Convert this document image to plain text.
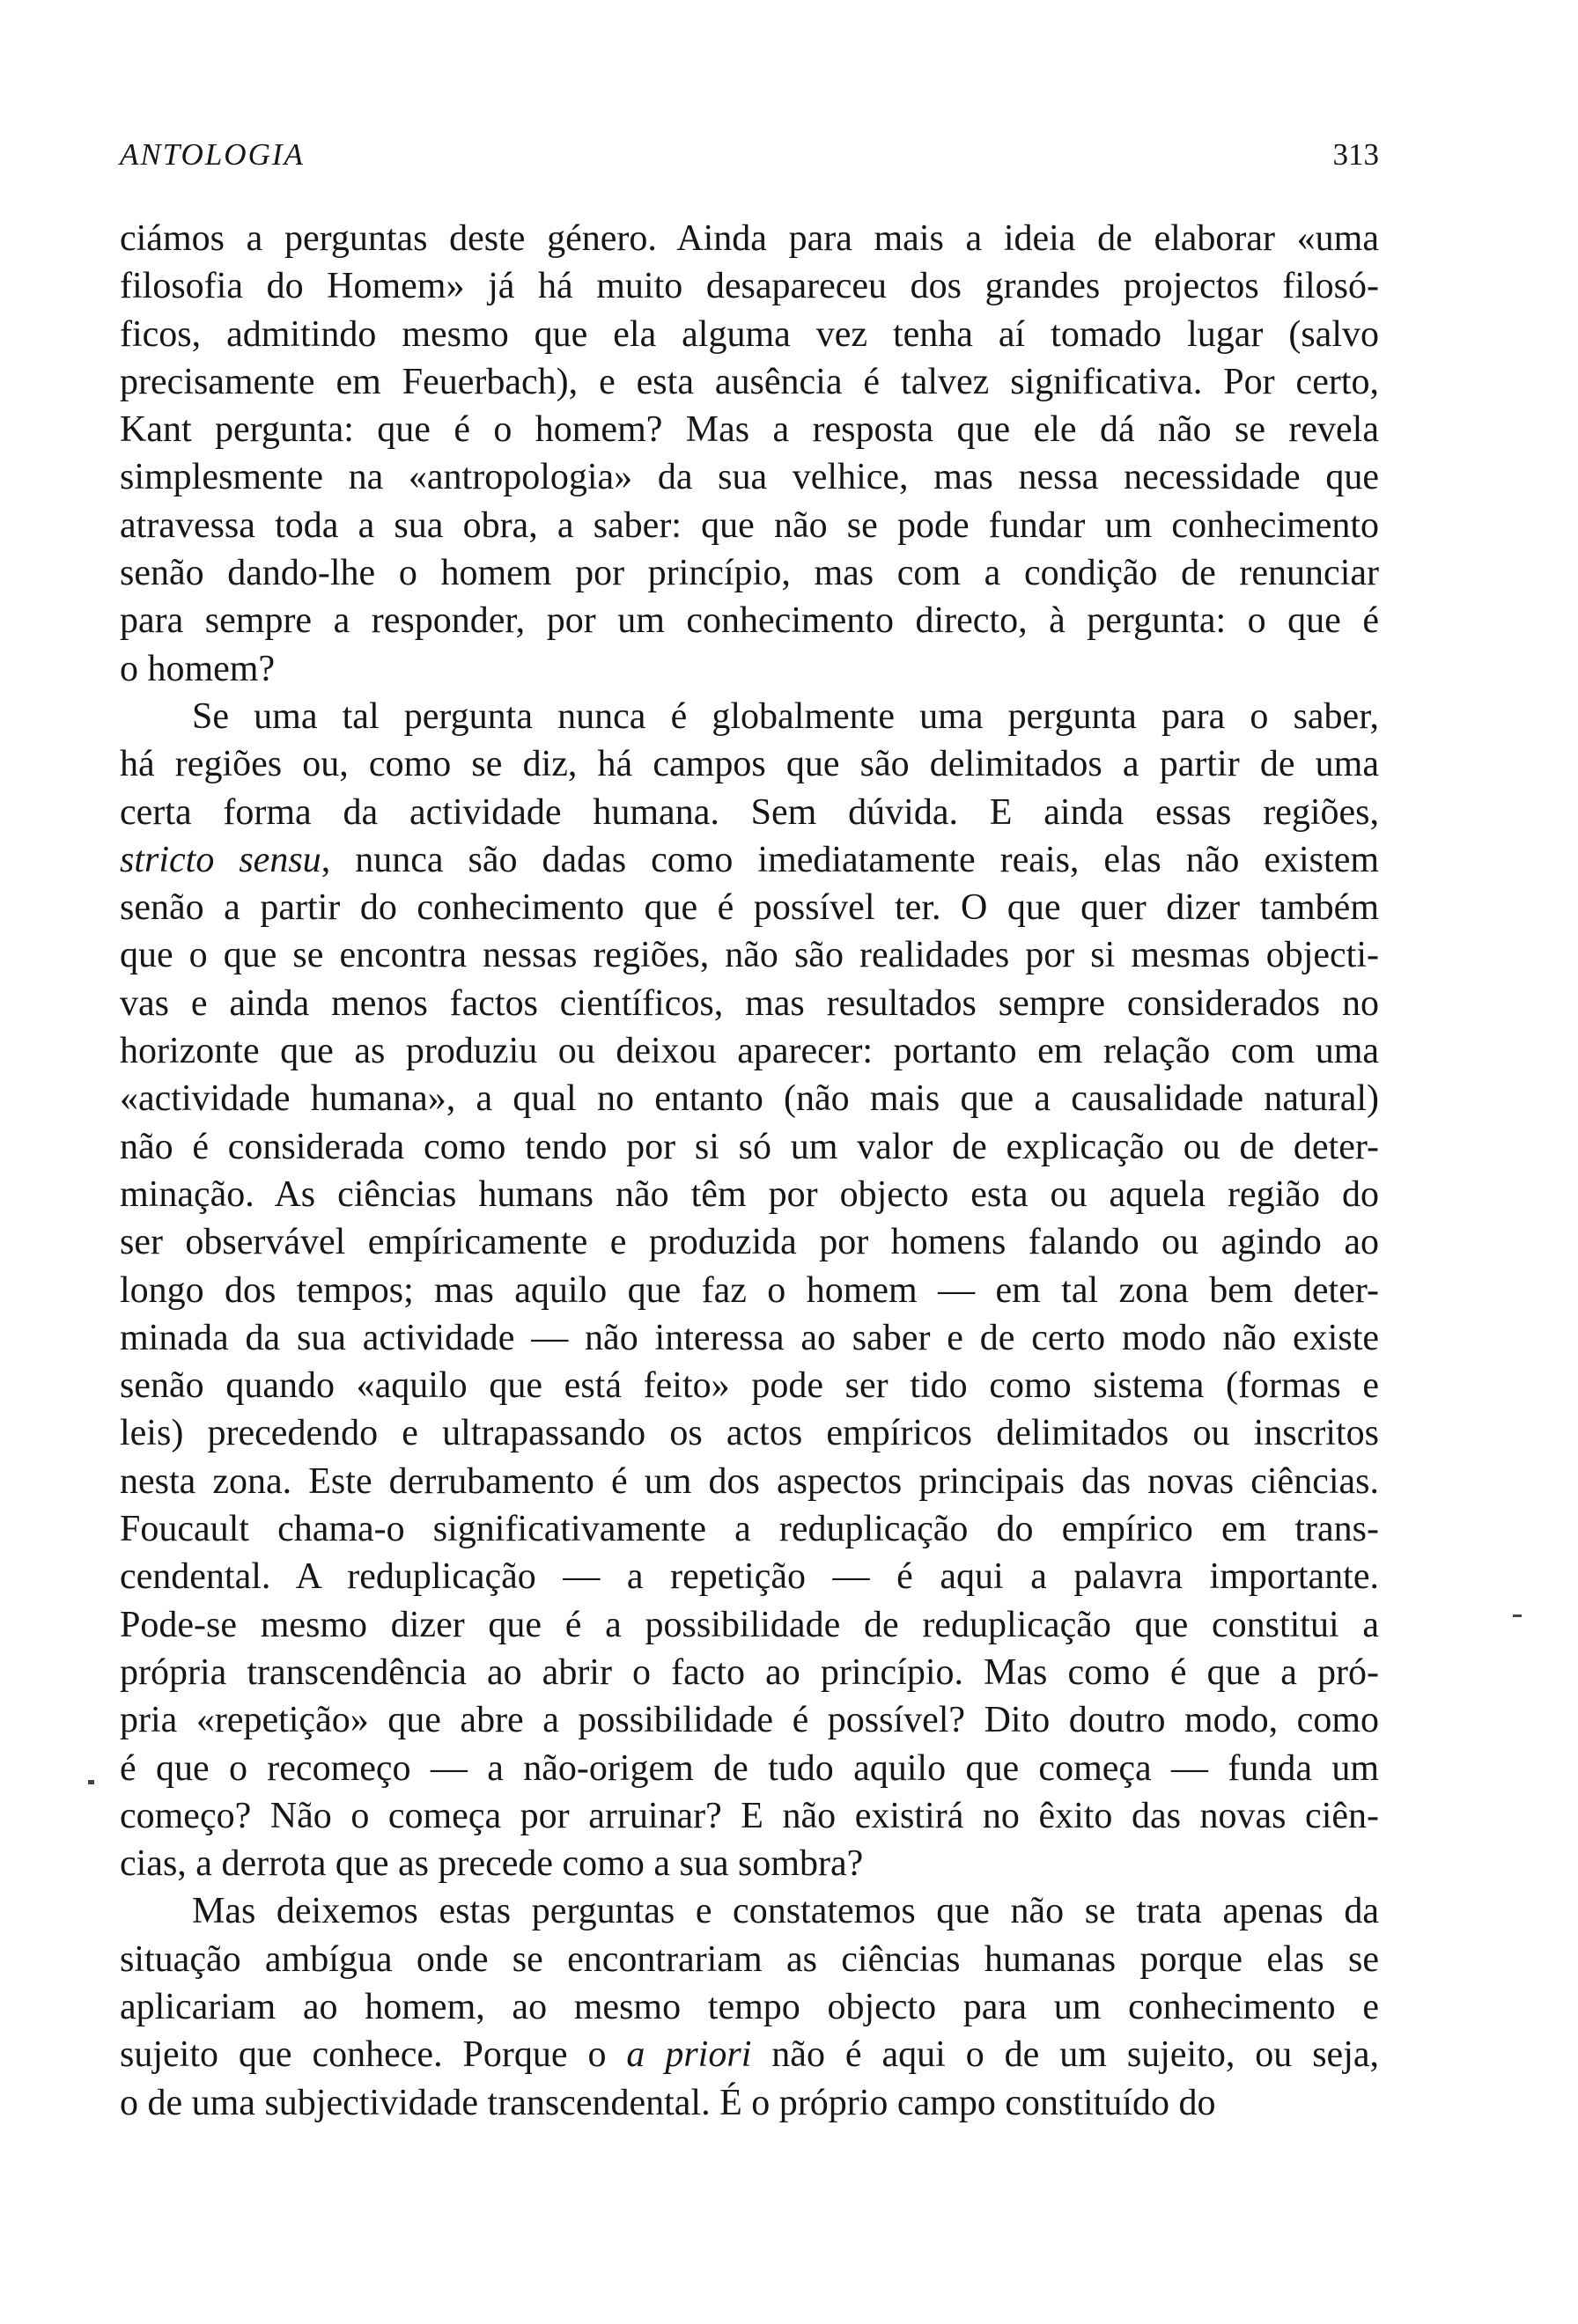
ANTOLOGIA	313

ciámos a perguntas deste género. Ainda para mais a ideia de elaborar «uma
filosofia do Homem» já há muito desapareceu dos grandes projectos filosó-
ficos, admitindo mesmo que ela alguma vez tenha aí tomado lugar (salvo
precisamente em Feuerbach), e esta ausência é talvez significativa. Por certo,
Kant pergunta: que é o homem? Mas a resposta que ele dá não se revela
simplesmente na «antropologia» da sua velhice, mas nessa necessidade que
atravessa toda a sua obra, a saber: que não se pode fundar um conhecimento
senão dando-lhe o homem por princípio, mas com a condição de renunciar
para sempre a responder, por um conhecimento directo, à pergunta: o que é
o homem?

Se uma tal pergunta nunca é globalmente uma pergunta para o saber,
há regiões ou, como se diz, há campos que são delimitados a partir de uma
certa forma da actividade humana. Sem dúvida. E ainda essas regiões,
stricto sensu, nunca são dadas como imediatamente reais, elas não existem
senão a partir do conhecimento que é possível ter. O que quer dizer também
que o que se encontra nessas regiões, não são realidades por si mesmas objecti-
vas e ainda menos factos científicos, mas resultados sempre considerados no
horizonte que as produziu ou deixou aparecer: portanto em relação com uma
«actividade humana», a qual no entanto (não mais que a causalidade natural)
não é considerada como tendo por si só um valor de explicação ou de deter-
minação. As ciências humans não têm por objecto esta ou aquela região do
ser observável empíricamente e produzida por homens falando ou agindo ao
longo dos tempos; mas aquilo que faz o homem — em tal zona bem deter-
minada da sua actividade — não interessa ao saber e de certo modo não existe
senão quando «aquilo que está feito» pode ser tido como sistema (formas e
leis) precedendo e ultrapassando os actos empíricos delimitados ou inscritos
nesta zona. Este derrubamento é um dos aspectos principais das novas ciências.
Foucault chama-o significativamente a reduplicação do empírico em trans-
cendental. A reduplicação — a repetição — é aqui a palavra importante.
Pode-se mesmo dizer que é a possibilidade de reduplicação que constitui a
própria transcendência ao abrir o facto ao princípio. Mas como é que a pró-
pria «repetição» que abre a possibilidade é possível? Dito doutro modo, como
é que o recomeço — a não-origem de tudo aquilo que começa — funda um
começo? Não o começa por arruinar? E não existirá no êxito das novas ciên-
cias, a derrota que as precede como a sua sombra?

Mas deixemos estas perguntas e constatemos que não se trata apenas da
situação ambígua onde se encontrariam as ciências humanas porque elas se
aplicariam ao homem, ao mesmo tempo objecto para um conhecimento e
sujeito que conhece. Porque o a priori não é aqui o de um sujeito, ou seja,
o de uma subjectividade transcendental. É o próprio campo constituído do
